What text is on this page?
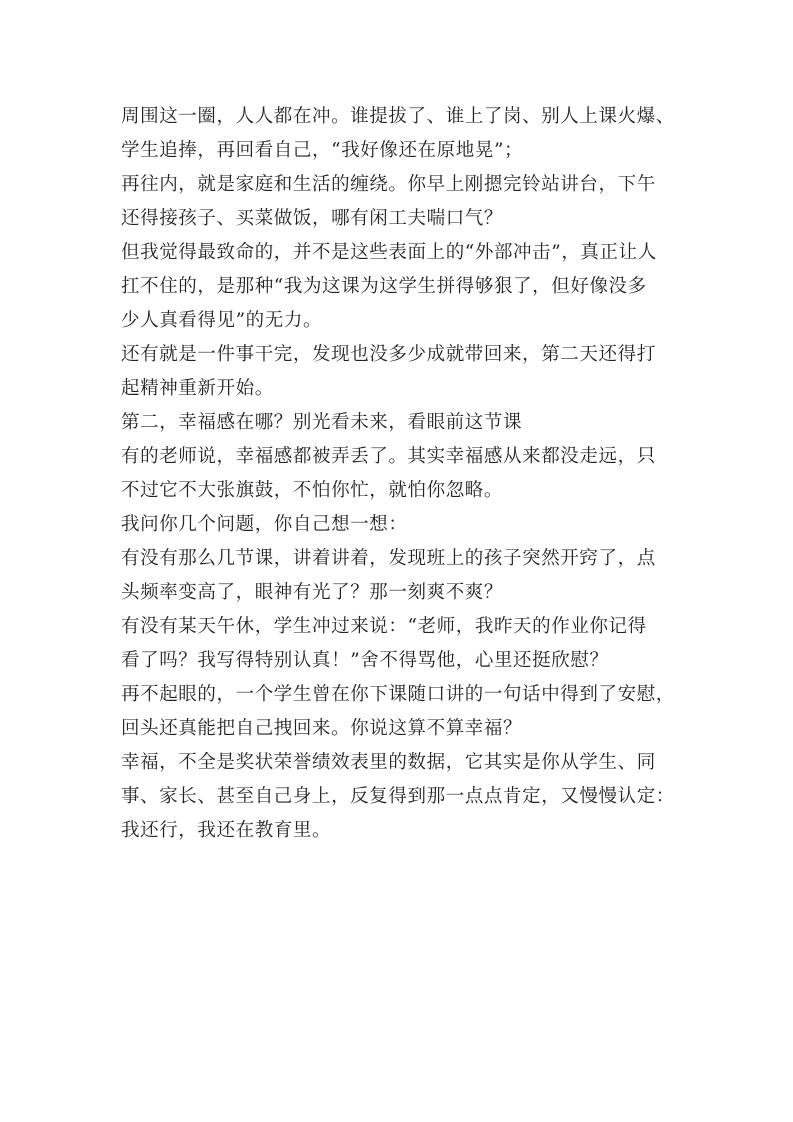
周围这一圈，人人都在冲。谁提拔了、谁上了岗、别人上课火爆、

学生追捧，再回看自己，“我好像还在原地晃”；

再往内，就是家庭和生活的缠绕。你早上刚摁完铃站讲台，下午

还得接孩子、买菜做饭，哪有闲工夫喘口气？

但我觉得最致命的，并不是这些表面上的“外部冲击”，真正让人

扛不住的，是那种“我为这课为这学生拼得够狠了，但好像没多

少人真看得见”的无力。

还有就是一件事干完，发现也没多少成就带回来，第二天还得打

起精神重新开始。

第二，幸福感在哪？别光看未来，看眼前这节课

有的老师说，幸福感都被弄丢了。其实幸福感从来都没走远，只

不过它不大张旗鼓，不怕你忙，就怕你忽略。

我问你几个问题，你自己想一想：

有没有那么几节课，讲着讲着，发现班上的孩子突然开窍了，点

头频率变高了，眼神有光了？那一刻爽不爽？

有没有某天午休，学生冲过来说：“老师，我昨天的作业你记得

看了吗？我写得特别认真！”舍不得骂他，心里还挺欣慰？

再不起眼的，一个学生曾在你下课随口讲的一句话中得到了安慰，

回头还真能把自己拽回来。你说这算不算幸福？

幸福，不全是奖状荣誉绩效表里的数据，它其实是你从学生、同

事、家长、甚至自己身上，反复得到那一点点肯定，又慢慢认定：

我还行，我还在教育里。
